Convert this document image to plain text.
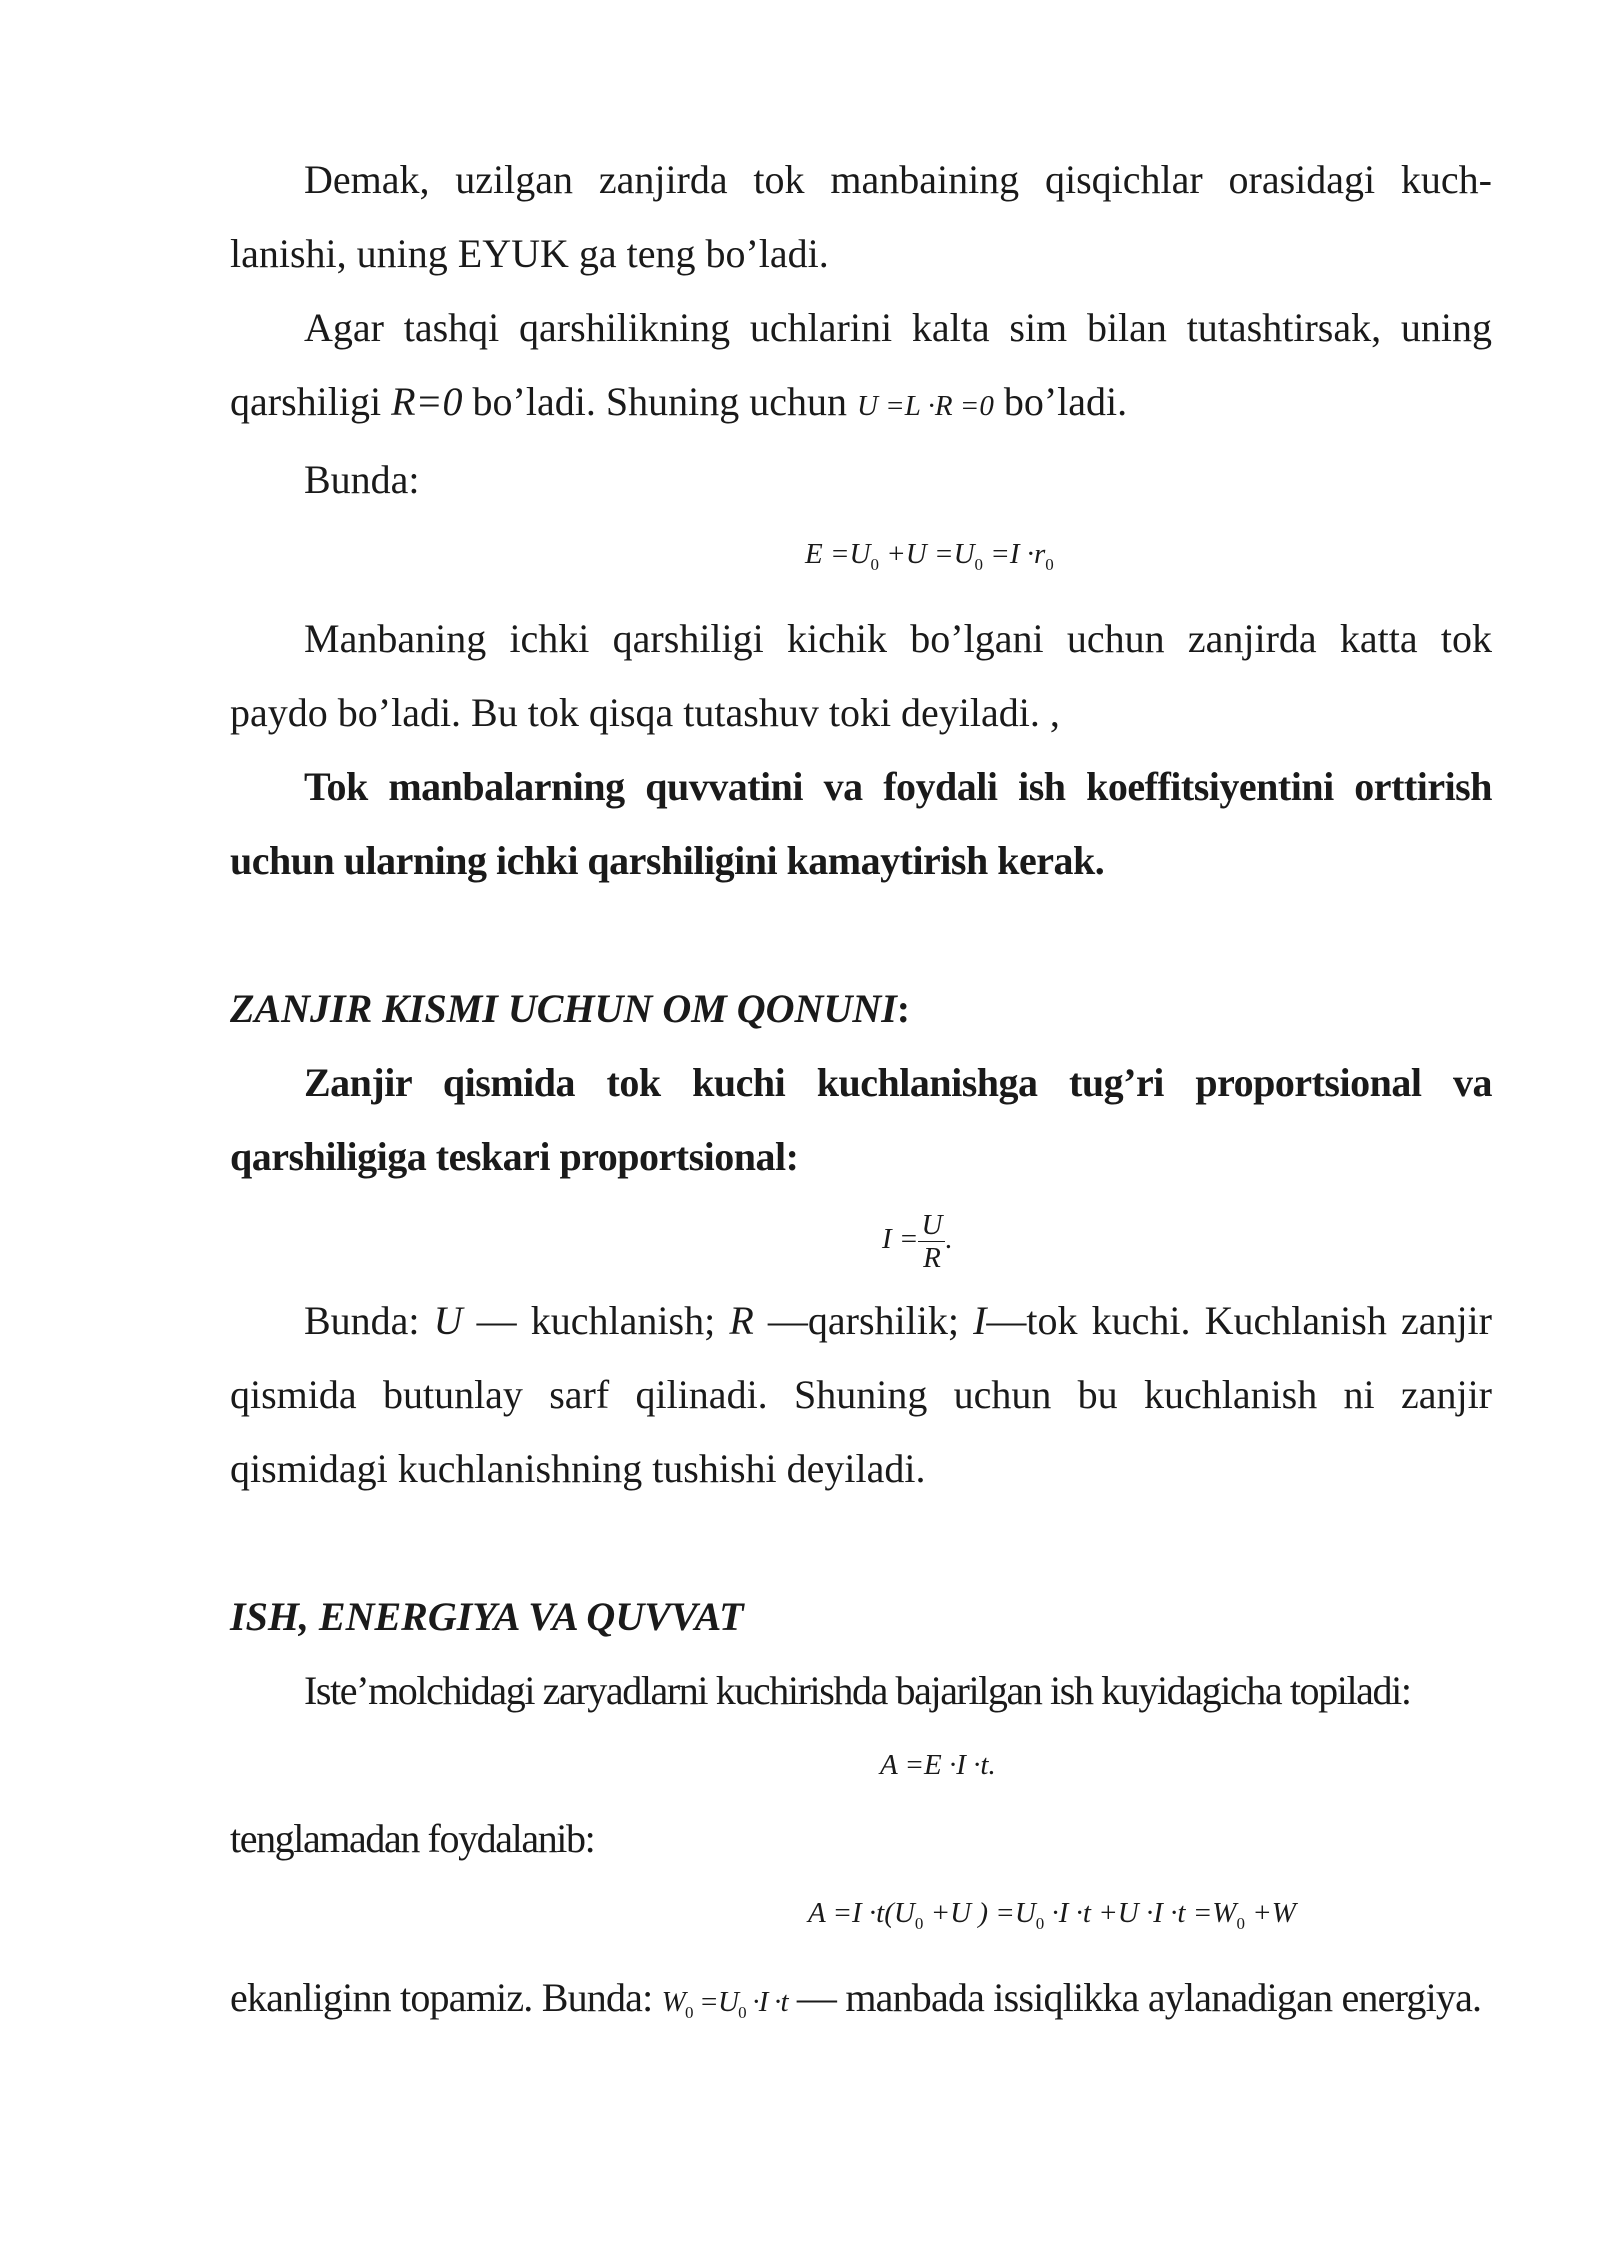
Demak, uzilgan zanjirda tok manbaining qisqichlar orasidagi kuch-lanishi, uning EYUK ga teng bo’ladi.

Agar tashqi qarshilikning uchlarini kalta sim bilan tutashtirsak, uning qarshiligi R=0 bo’ladi. Shuning uchun U =L ·R =0 bo’ladi.

Bunda:

$E =U_0 +U =U_0 =I \cdot r_0$

Manbaning ichki qarshiligi kichik bo’lgani uchun zanjirda katta tok paydo bo’ladi. Bu tok qisqa tutashuv toki deyiladi. ,

Tok manbalarning quvvatini va foydali ish koeffitsiyentini orttirish uchun ularning ichki qarshiligini kamaytirish kerak.

ZANJIR KISMI UCHUN OM QONUNI:

Zanjir qismida tok kuchi kuchlanishga tug’ri proportsional va qarshiligiga teskari proportsional:

$I = \frac{U}{R}$ .

Bunda: U — kuchlanish; R —qarshilik; I—tok kuchi. Kuchlanish zanjir qismida butunlay sarf qilinadi. Shuning uchun bu kuchlanish ni zanjir qismidagi kuchlanishning tushishi deyiladi.

ISH, ENERGIYA VA QUVVAT

Iste’molchidagi zaryadlarni kuchirishda bajarilgan ish kuyidagicha topiladi:

A =E ·I ·t.

tenglamadan foydalanib:

$A =I \cdot t(U_0 +U$ ) $=U_0 \cdot I \cdot t +U \cdot I \cdot t =W_0 +W$

ekanliginn topamiz. Bunda: $W_0 =U_0 \cdot I \cdot t$ — manbada issiqlikka aylanadigan energiya.
